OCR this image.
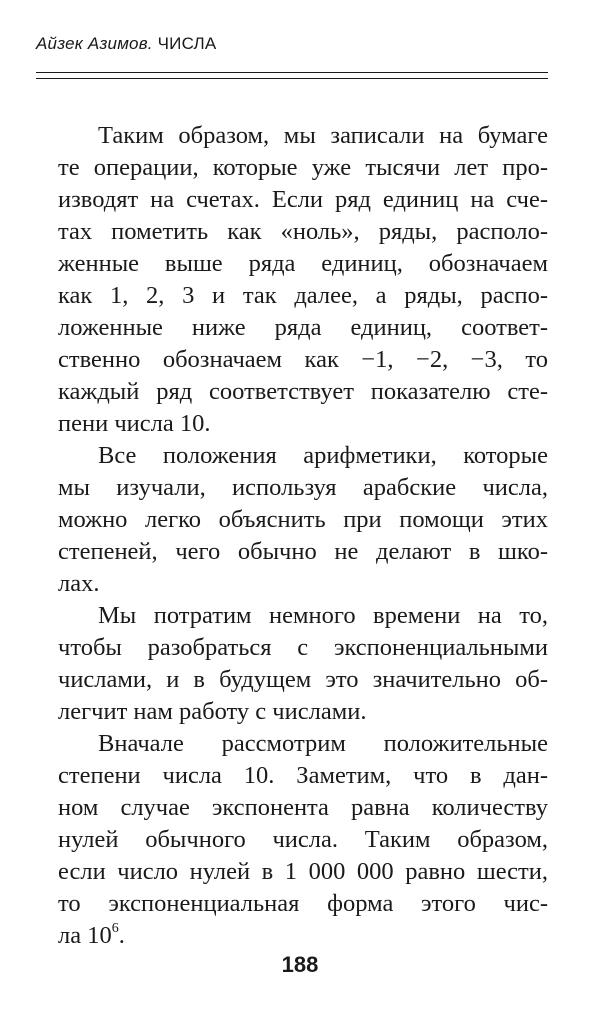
Айзек Азимов. ЧИСЛА
Таким образом, мы записали на бумаге
те операции, которые уже тысячи лет про-
изводят на счетах. Если ряд единиц на сче-
тах пометить как «ноль», ряды, располо-
женные выше ряда единиц, обозначаем
как 1, 2, 3 и так далее, а ряды, распо-
ложенные ниже ряда единиц, соответ-
ственно обозначаем как −1, −2, −3, то
каждый ряд соответствует показателю сте-
пени числа 10.
Все положения арифметики, которые
мы изучали, используя арабские числа,
можно легко объяснить при помощи этих
степеней, чего обычно не делают в шко-
лах.
Мы потратим немного времени на то,
чтобы разобраться с экспоненциальными
числами, и в будущем это значительно об-
легчит нам работу с числами.
Вначале рассмотрим положительные
степени числа 10. Заметим, что в дан-
ном случае экспонента равна количеству
нулей обычного числа. Таким образом,
если число нулей в 1 000 000 равно шести,
то экспоненциальная форма этого чис-
ла $10^6$.
188
